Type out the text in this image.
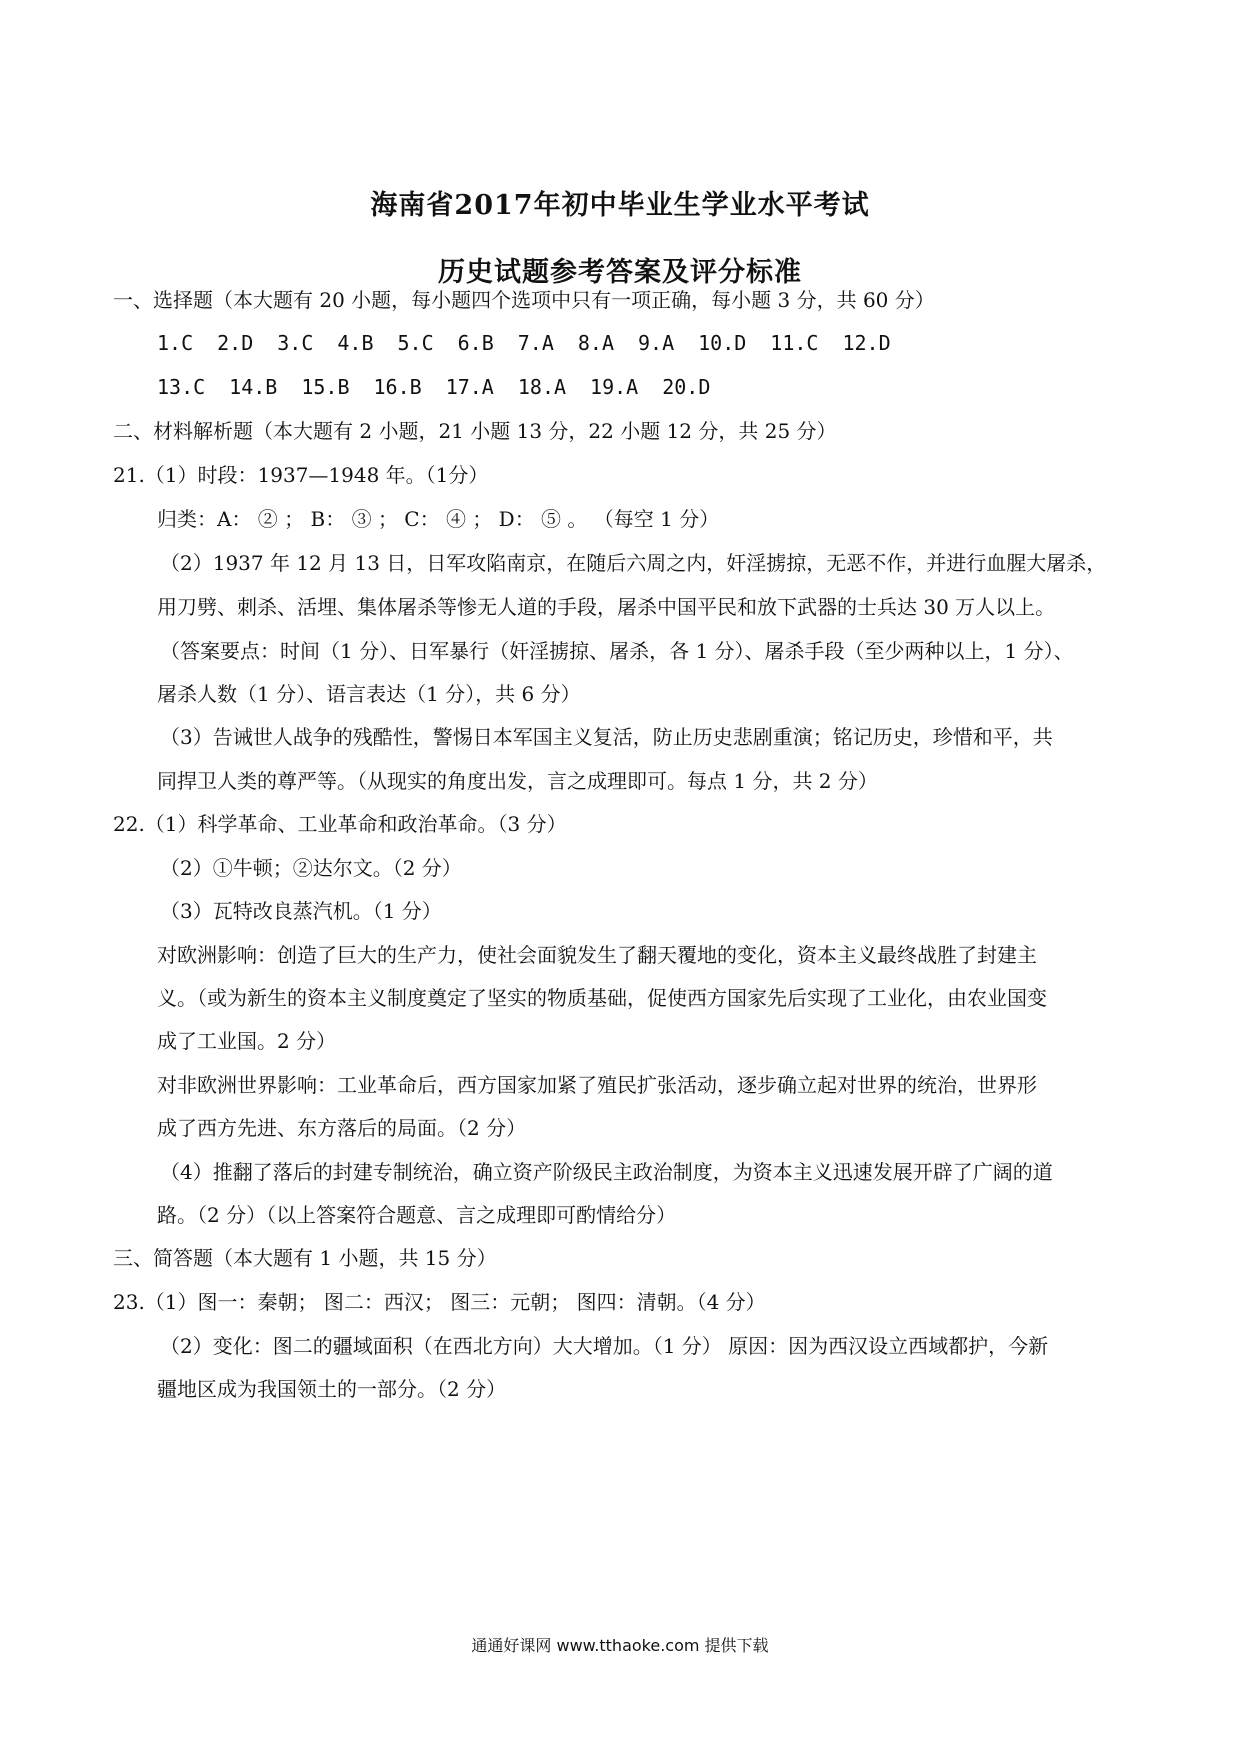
海南省2017年初中毕业生学业水平考试
历史试题参考答案及评分标准
一、选择题（本大题有 20 小题，每小题四个选项中只有一项正确，每小题 3 分，共 60 分）
1.C 2.D 3.C 4.B 5.C 6.B 7.A 8.A 9.A 10.D 11.C 12.D
13.C 14.B 15.B 16.B 17.A 18.A 19.A 20.D
二、材料解析题（本大题有 2 小题，21 小题 13 分，22 小题 12 分，共 25 分）
21.（1）时段：1937—1948 年。（1分）
归类：A： ② ； B： ③ ； C： ④ ； D： ⑤ 。 （每空 1 分）
（2）1937 年 12 月 13 日，日军攻陷南京，在随后六周之内，奸淫掳掠，无恶不作，并进行血腥大屠杀，
用刀劈、刺杀、活埋、集体屠杀等惨无人道的手段，屠杀中国平民和放下武器的士兵达 30 万人以上。
（答案要点：时间（1 分）、日军暴行（奸淫掳掠、屠杀，各 1 分）、屠杀手段（至少两种以上，1 分）、
屠杀人数（1 分）、语言表达（1 分），共 6 分）
（3）告诫世人战争的残酷性，警惕日本军国主义复活，防止历史悲剧重演；铭记历史，珍惜和平，共
同捍卫人类的尊严等。（从现实的角度出发，言之成理即可。每点 1 分，共 2 分）
22.（1）科学革命、工业革命和政治革命。（3 分）
（2）①牛顿；②达尔文。（2 分）
（3）瓦特改良蒸汽机。（1 分）
对欧洲影响：创造了巨大的生产力，使社会面貌发生了翻天覆地的变化，资本主义最终战胜了封建主
义。（或为新生的资本主义制度奠定了坚实的物质基础，促使西方国家先后实现了工业化，由农业国变
成了工业国。2 分）
对非欧洲世界影响：工业革命后，西方国家加紧了殖民扩张活动，逐步确立起对世界的统治，世界形
成了西方先进、东方落后的局面。（2 分）
（4）推翻了落后的封建专制统治，确立资产阶级民主政治制度，为资本主义迅速发展开辟了广阔的道
路。（2 分）（以上答案符合题意、言之成理即可酌情给分）
三、简答题（本大题有 1 小题，共 15 分）
23.（1）图一：秦朝； 图二：西汉； 图三：元朝； 图四：清朝。（4 分）
（2）变化：图二的疆域面积（在西北方向）大大增加。（1 分） 原因：因为西汉设立西域都护，今新
疆地区成为我国领土的一部分。（2 分）
通通好课网 www.tthaoke.com 提供下载
